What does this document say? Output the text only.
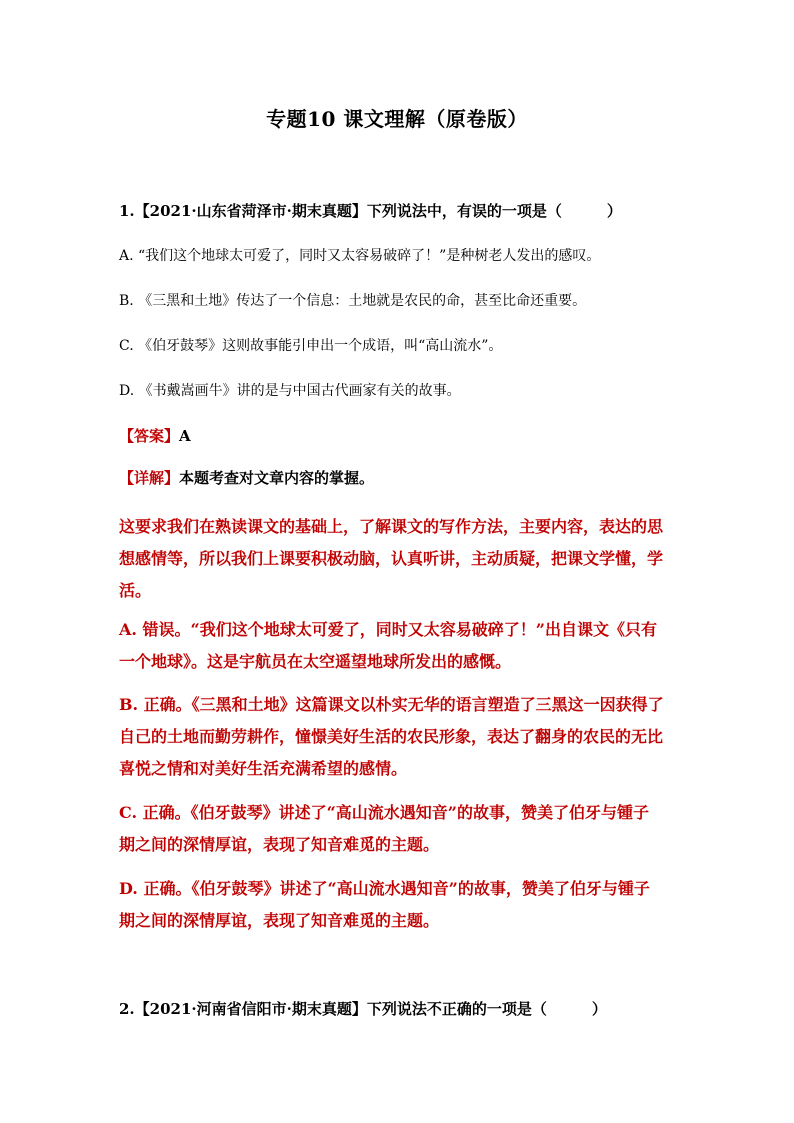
专题10 课文理解（原卷版）
1.【2021·山东省菏泽市·期末真题】下列说法中，有误的一项是（　　　）
A. “我们这个地球太可爱了，同时又太容易破碎了！”是种树老人发出的感叹。
B. 《三黑和土地》传达了一个信息：土地就是农民的命，甚至比命还重要。
C. 《伯牙鼓琴》这则故事能引申出一个成语，叫“高山流水”。
D. 《书戴嵩画牛》讲的是与中国古代画家有关的故事。
【答案】A
【详解】本题考查对文章内容的掌握。
这要求我们在熟读课文的基础上，了解课文的写作方法，主要内容，表达的思
想感情等，所以我们上课要积极动脑，认真听讲，主动质疑，把课文学懂，学
活。
A. 错误。“我们这个地球太可爱了，同时又太容易破碎了！”出自课文《只有
一个地球》。这是宇航员在太空遥望地球所发出的感慨。
B. 正确。《三黑和土地》这篇课文以朴实无华的语言塑造了三黑这一因获得了
自己的土地而勤劳耕作，憧憬美好生活的农民形象，表达了翻身的农民的无比
喜悦之情和对美好生活充满希望的感情。
C. 正确。《伯牙鼓琴》讲述了“高山流水遇知音”的故事，赞美了伯牙与锺子
期之间的深情厚谊，表现了知音难觅的主题。
D. 正确。《伯牙鼓琴》讲述了“高山流水遇知音”的故事，赞美了伯牙与锺子
期之间的深情厚谊，表现了知音难觅的主题。
2.【2021·河南省信阳市·期末真题】下列说法不正确的一项是（　　　）
